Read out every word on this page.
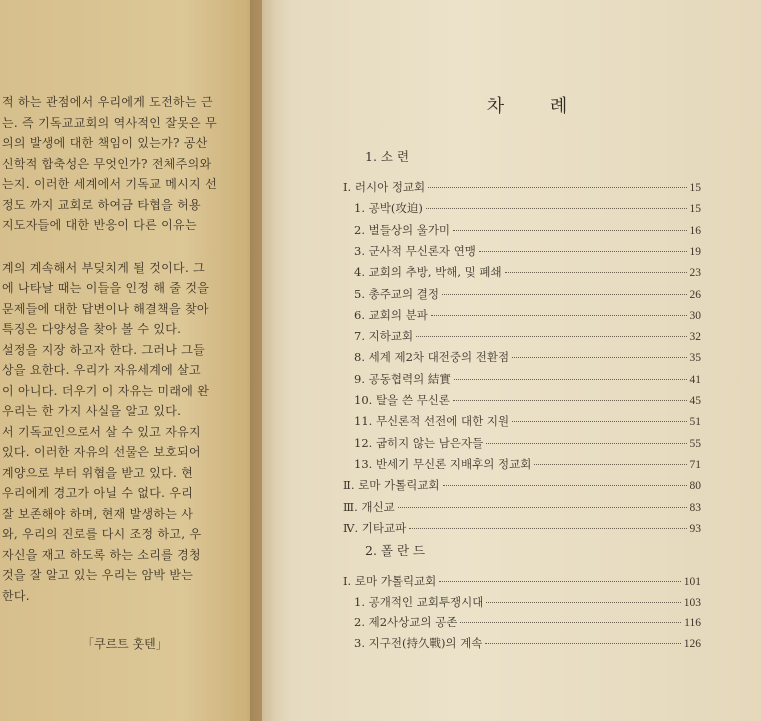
적 하는 관점에서 우리에게 도전하는 근
는. 즉 기독교교회의 역사적인 잘못은 무
의의 발생에 대한 책임이 있는가? 공산
신학적 합축성은 무엇인가? 전체주의와
는지. 이러한 세계에서 기독교 메시지 선
정도 까지 교회로 하여금 타협을 허용
지도자들에 대한 반응이 다른 이유는
계의 계속해서 부딪치게 될 것이다. 그
에 나타날 때는 이들을 인정 해 줄 것을
문제들에 대한 답변이나 해결책을 찾아
특징은 다양성을 찾아 볼 수 있다.
설정을 지장 하고자 한다. 그러나 그들
상을 요한다. 우리가 자유세계에 살고
이 아니다. 더우기 이 자유는 미래에 완
우리는 한 가지 사실을 알고 있다.
서 기독교인으로서 살 수 있고 자유지
있다. 이러한 자유의 선물은 보호되어
계양으로 부터 위협을 받고 있다. 현
우리에게 경고가 아닐 수 없다. 우리
잘 보존해야 하며, 현재 발생하는 사
와, 우리의 진로를 다시 조정 하고, 우
자신을 재고 하도록 하는 소리를 경청
것을 잘 알고 있는 우리는 암박 받는
한다.
「쿠르트 훗텐」
차 례
1. 소 련
2. 폴 란 드
Ⅰ. 러시아 정교회	15
1. 공박(攻迫)	15
2. 벌들상의 울가미	16
3. 군사적 무신론자 연맹	19
4. 교회의 추방, 박해, 및 폐쇄	23
5. 총주교의 결정	26
6. 교회의 분파	30
7. 지하교회	32
8. 세계 제2차 대전중의 전환점	35
9. 공동협력의 結實	41
10. 탈을 쓴 무신론	45
11. 무신론적 선전에 대한 지원	51
12. 굽히지 않는 남은자들	55
13. 반세기 무신론 지배후의 정교회	71
Ⅱ. 로마 가톨릭교회	80
Ⅲ. 개신교	83
Ⅳ. 기타교파	93
Ⅰ. 로마 가톨릭교회	101
1. 공개적인 교회투쟁시대	103
2. 제2사상교의 공존	116
3. 지구전(持久戰)의 계속	126
